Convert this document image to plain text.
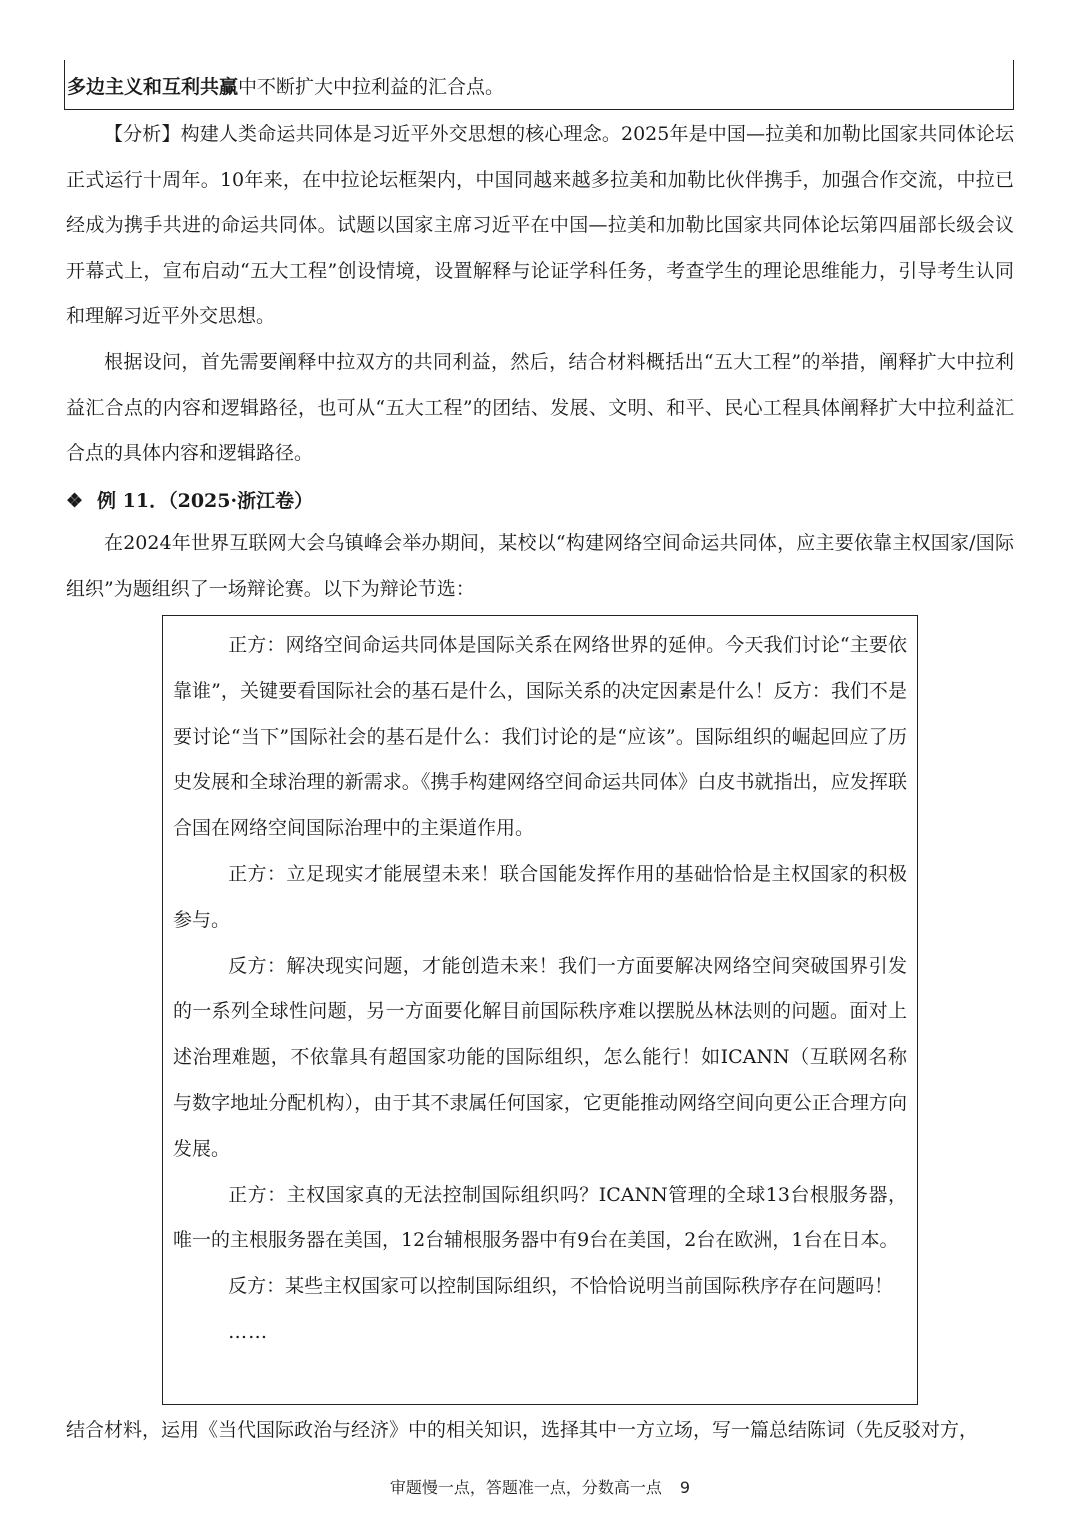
多边主义和互利共赢中不断扩大中拉利益的汇合点。

【分析】构建人类命运共同体是习近平外交思想的核心理念。2025年是中国—拉美和加勒比国家共同体论坛正式运行十周年。10年来，在中拉论坛框架内，中国同越来越多拉美和加勒比伙伴携手，加强合作交流，中拉已经成为携手共进的命运共同体。试题以国家主席习近平在中国—拉美和加勒比国家共同体论坛第四届部长级会议开幕式上，宣布启动“五大工程”创设情境，设置解释与论证学科任务，考查学生的理论思维能力，引导考生认同和理解习近平外交思想。

根据设问，首先需要阐释中拉双方的共同利益，然后，结合材料概括出“五大工程”的举措，阐释扩大中拉利益汇合点的内容和逻辑路径，也可从“五大工程”的团结、发展、文明、和平、民心工程具体阐释扩大中拉利益汇合点的具体内容和逻辑路径。

❖ 例 11．（2025·浙江卷）

在2024年世界互联网大会乌镇峰会举办期间，某校以“构建网络空间命运共同体，应主要依靠主权国家/国际组织”为题组织了一场辩论赛。以下为辩论节选：

正方：网络空间命运共同体是国际关系在网络世界的延伸。今天我们讨论“主要依靠谁”，关键要看国际社会的基石是什么，国际关系的决定因素是什么！反方：我们不是要讨论“当下”国际社会的基石是什么：我们讨论的是“应该”。国际组织的崛起回应了历史发展和全球治理的新需求。《携手构建网络空间命运共同体》白皮书就指出，应发挥联合国在网络空间国际治理中的主渠道作用。

正方：立足现实才能展望未来！联合国能发挥作用的基础恰恰是主权国家的积极参与。

反方：解决现实问题，才能创造未来！我们一方面要解决网络空间突破国界引发的一系列全球性问题，另一方面要化解目前国际秩序难以摆脱丛林法则的问题。面对上述治理难题，不依靠具有超国家功能的国际组织，怎么能行！如ICANN（互联网名称与数字地址分配机构），由于其不隶属任何国家，它更能推动网络空间向更公正合理方向发展。

正方：主权国家真的无法控制国际组织吗？ICANN管理的全球13台根服务器，唯一的主根服务器在美国，12台辅根服务器中有9台在美国，2台在欧洲，1台在日本。

反方：某些主权国家可以控制国际组织，不恰恰说明当前国际秩序存在问题吗！

……

结合材料，运用《当代国际政治与经济》中的相关知识，选择其中一方立场，写一篇总结陈词（先反驳对方，

审题慢一点，答题准一点，分数高一点 9
